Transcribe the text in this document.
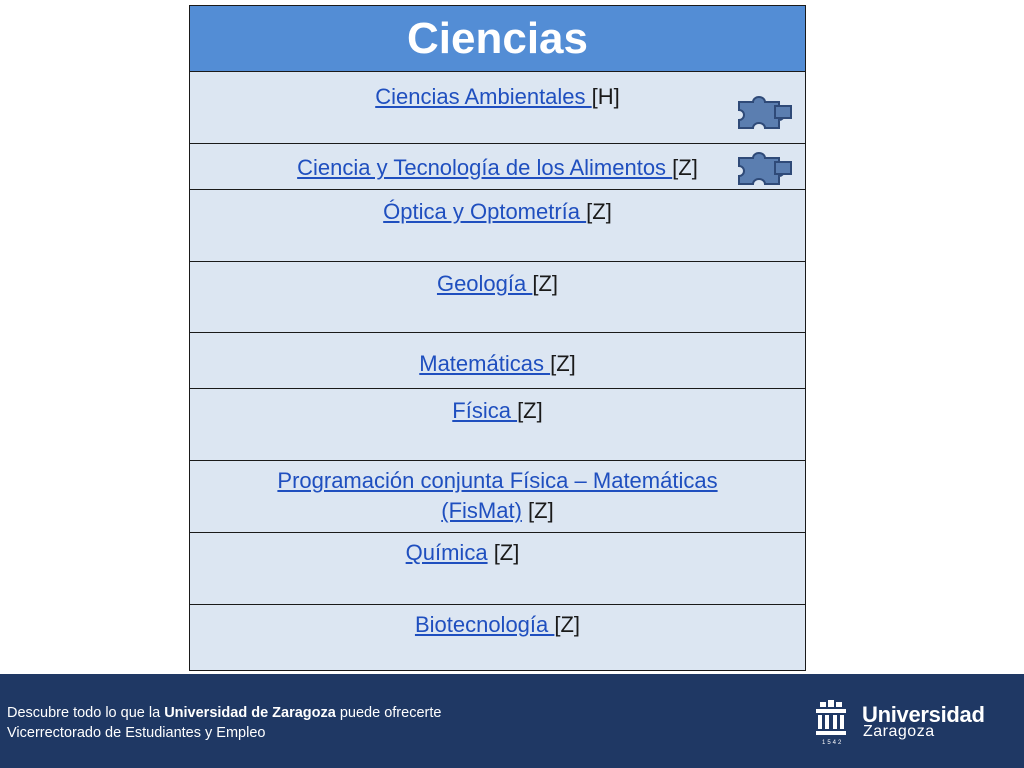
Ciencias
Ciencias Ambientales [H]
Ciencia y Tecnología de los Alimentos [Z]
Óptica y Optometría [Z]
Geología [Z]
Matemáticas [Z]
Física [Z]
Programación conjunta Física – Matemáticas
(FisMat) [Z]
Química [Z]
Biotecnología [Z]
Descubre todo lo que la Universidad de Zaragoza puede ofrecerte
Vicerrectorado de Estudiantes y Empleo
1542
Universidad
Zaragoza
